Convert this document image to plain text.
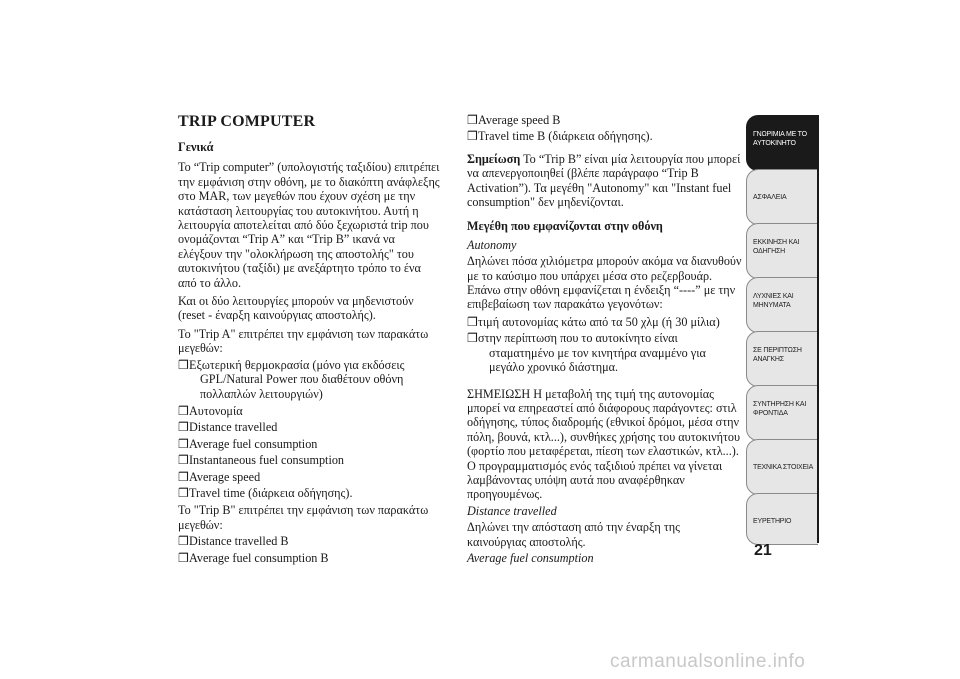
TRIP COMPUTER

Γενικά

Το “Trip computer” (υπολογιστής ταξιδίου) επιτρέπει την εμφάνιση στην οθόνη, με το διακόπτη ανάφλεξης στο MAR, των μεγεθών που έχουν σχέση με την κατάσταση λειτουργίας του αυτοκινήτου. Αυτή η λειτουργία αποτελείται από δύο ξεχωριστά trip που ονομάζονται “Trip A” και “Trip B” ικανά να ελέγξουν την "ολοκλήρωση της αποστολής" του αυτοκινήτου (ταξίδι) με ανεξάρτητο τρόπο το ένα από το άλλο.

Και οι δύο λειτουργίες μπορούν να μηδενιστούν (reset - έναρξη καινούργιας αποστολής).

Το "Trip A" επιτρέπει την εμφάνιση των παρακάτω μεγεθών:

❒Εξωτερική θερμοκρασία (μόνο για εκδόσεις GPL/Natural Power που διαθέτουν οθόνη πολλαπλών λειτουργιών)

❒Αυτονομία

❒Distance travelled

❒Average fuel consumption

❒Instantaneous fuel consumption

❒Average speed

❒Travel time (διάρκεια οδήγησης).

Το "Trip B" επιτρέπει την εμφάνιση των παρακάτω μεγεθών:

❒Distance travelled B

❒Average fuel consumption B

❒Average speed B

❒Travel time B (διάρκεια οδήγησης).

Σημείωση Το “Trip B” είναι μία λειτουργία που μπορεί να απενεργοποιηθεί (βλέπε παράγραφο “Trip B Activation”). Τα μεγέθη "Autonomy" και "Instant fuel consumption" δεν μηδενίζονται.

Μεγέθη που εμφανίζονται στην οθόνη

Autonomy

Δηλώνει πόσα χιλιόμετρα μπορούν ακόμα να διανυθούν με το καύσιμο που υπάρχει μέσα στο ρεζερβουάρ. Επάνω στην οθόνη εμφανίζεται η ένδειξη “----” με την επιβεβαίωση των παρακάτω γεγονότων:

❒τιμή αυτονομίας κάτω από τα 50 χλμ (ή 30 μίλια)

❒στην περίπτωση που το αυτοκίνητο είναι σταματημένο με τον κινητήρα αναμμένο για μεγάλο χρονικό διάστημα.

ΣΗΜΕΙΩΣΗ Η μεταβολή της τιμή της αυτονομίας μπορεί να επηρεαστεί από διάφορους παράγοντες: στιλ οδήγησης, τύπος διαδρομής (εθνικοί δρόμοι, μέσα στην πόλη, βουνά, κτλ...), συνθήκες χρήσης του αυτοκινήτου (φορτίο που μεταφέρεται, πίεση των ελαστικών, κτλ...). Ο προγραμματισμός ενός ταξιδιού πρέπει να γίνεται λαμβάνοντας υπόψη αυτά που αναφέρθηκαν προηγουμένως.

Distance travelled

Δηλώνει την απόσταση από την έναρξη της καινούργιας αποστολής.

Average fuel consumption

ΓΝΩΡΙΜΙΑ ΜΕ ΤΟ ΑΥΤΟΚΙΝΗΤΟ
ΑΣΦΑΛΕΙΑ
ΕΚΚΙΝΗΣΗ ΚΑΙ ΟΔΗΓΗΣΗ
ΛΥΧΝΙΕΣ ΚΑΙ ΜΗΝΥΜΑΤΑ
ΣΕ ΠΕΡΙΠΤΩΣΗ ΑΝΑΓΚΗΣ
ΣΥΝΤΗΡΗΣΗ ΚΑΙ ΦΡΟΝΤΙΔΑ
ΤΕΧΝΙΚΑ ΣΤΟΙΧΕΙΑ
ΕΥΡΕΤΗΡΙΟ
21
carmanualsonline.info
